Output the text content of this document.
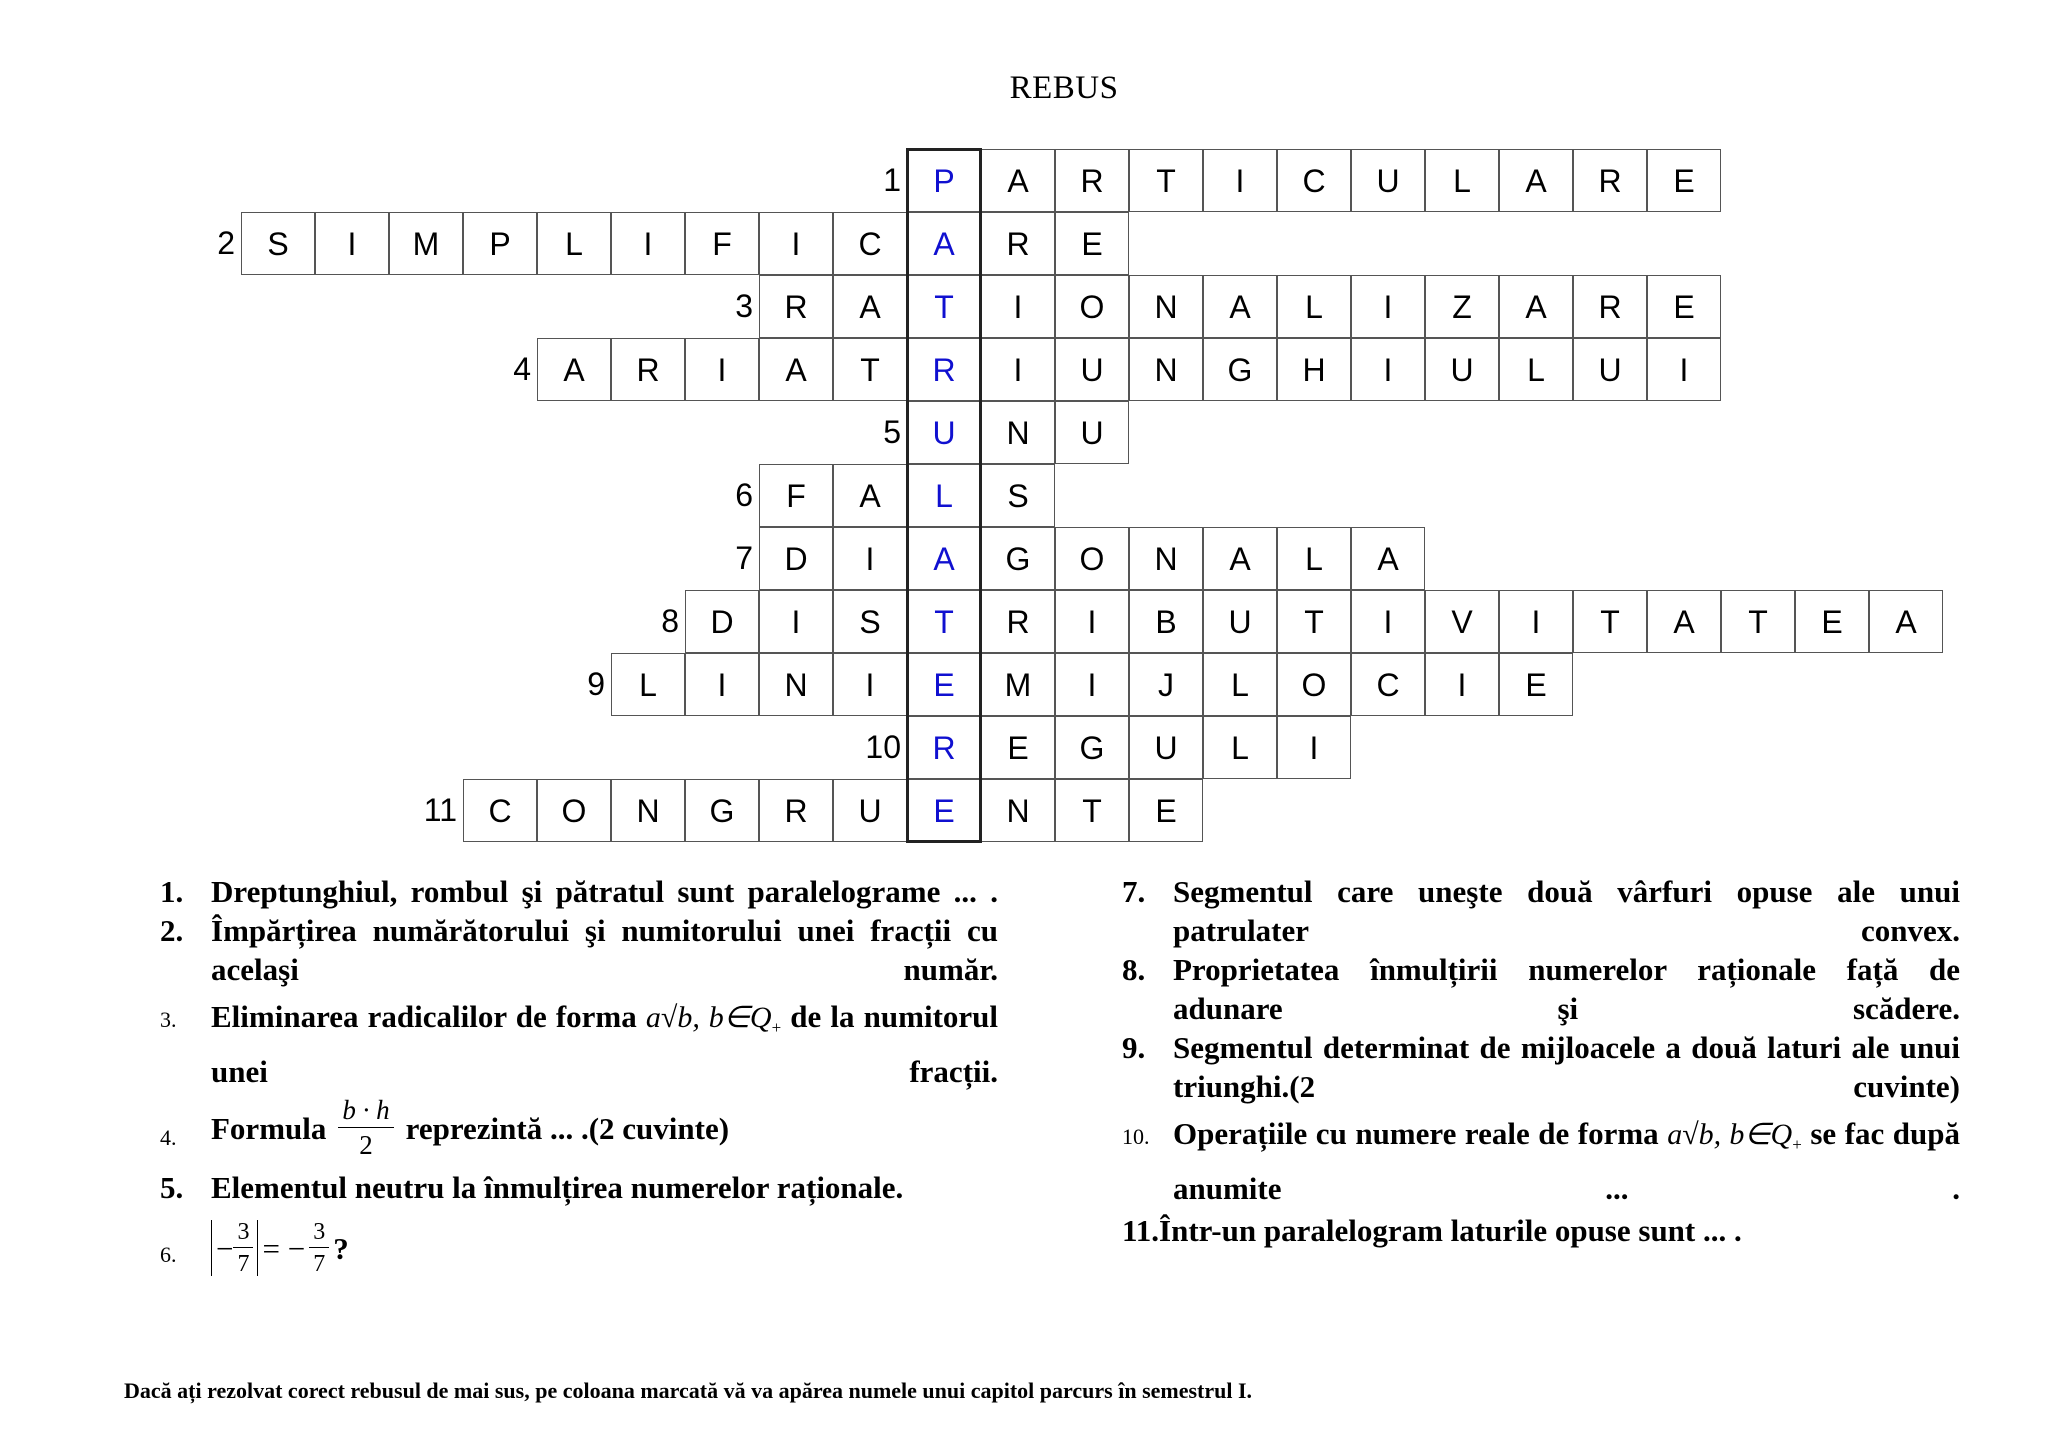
REBUS
1	P	A	R	T	I	C	U	L	A	R	E
2	S	I	M	P	L	I	F	I	C	A	R	E
3 R	A	T	I	O	N	A	L	I	Z	A	R	E
4	A	R	I	A	T	R	I	U	N	G	H	I	U	L	U	I
5 U	N	U
6	F	A	L	S
7 D	I	A	G	O	N	A	L	A
8 D	I	S	T	R	I	B	U	T	I	V	I	T	A	T	E	A
9	L	I	N	I	E	M	I	J	L	O	C	I	E
10 R	E	G	U	L	I
11 C	O	N	G	R	U	E	N	T	E
1. Dreptunghiul, rombul şi pătratul sunt paralelograme ... .
2. Împărțirea numărătorului şi numitorului unei fracții cu acelaşi număr.
3. Eliminarea radicalilor de forma a√b, $b\in Q_+$ de la numitorul unei fracții.
4. Formula $\frac{b \cdot h}{2}$ reprezintă ... .(2 cuvinte)
5. Elementul neutru la înmulțirea numerelor raționale.
6. − $\frac{3}{7}$ = − $\frac{3}{7}$ ?
7. Segmentul care uneşte două vârfuri opuse ale unui patrulater convex.
8. Proprietatea înmulțirii numerelor raționale față de adunare şi scădere.
9. Segmentul determinat de mijloacele a două laturi ale unui triunghi.(2 cuvinte)
10. Operațiile cu numere reale de forma a√b, $b\in Q_+$ se fac după anumite ... .
11.Într-un paralelogram laturile opuse sunt ... .
Dacă ați rezolvat corect rebusul de mai sus, pe coloana marcată vă va apărea numele unui capitol parcurs în semestrul I.
